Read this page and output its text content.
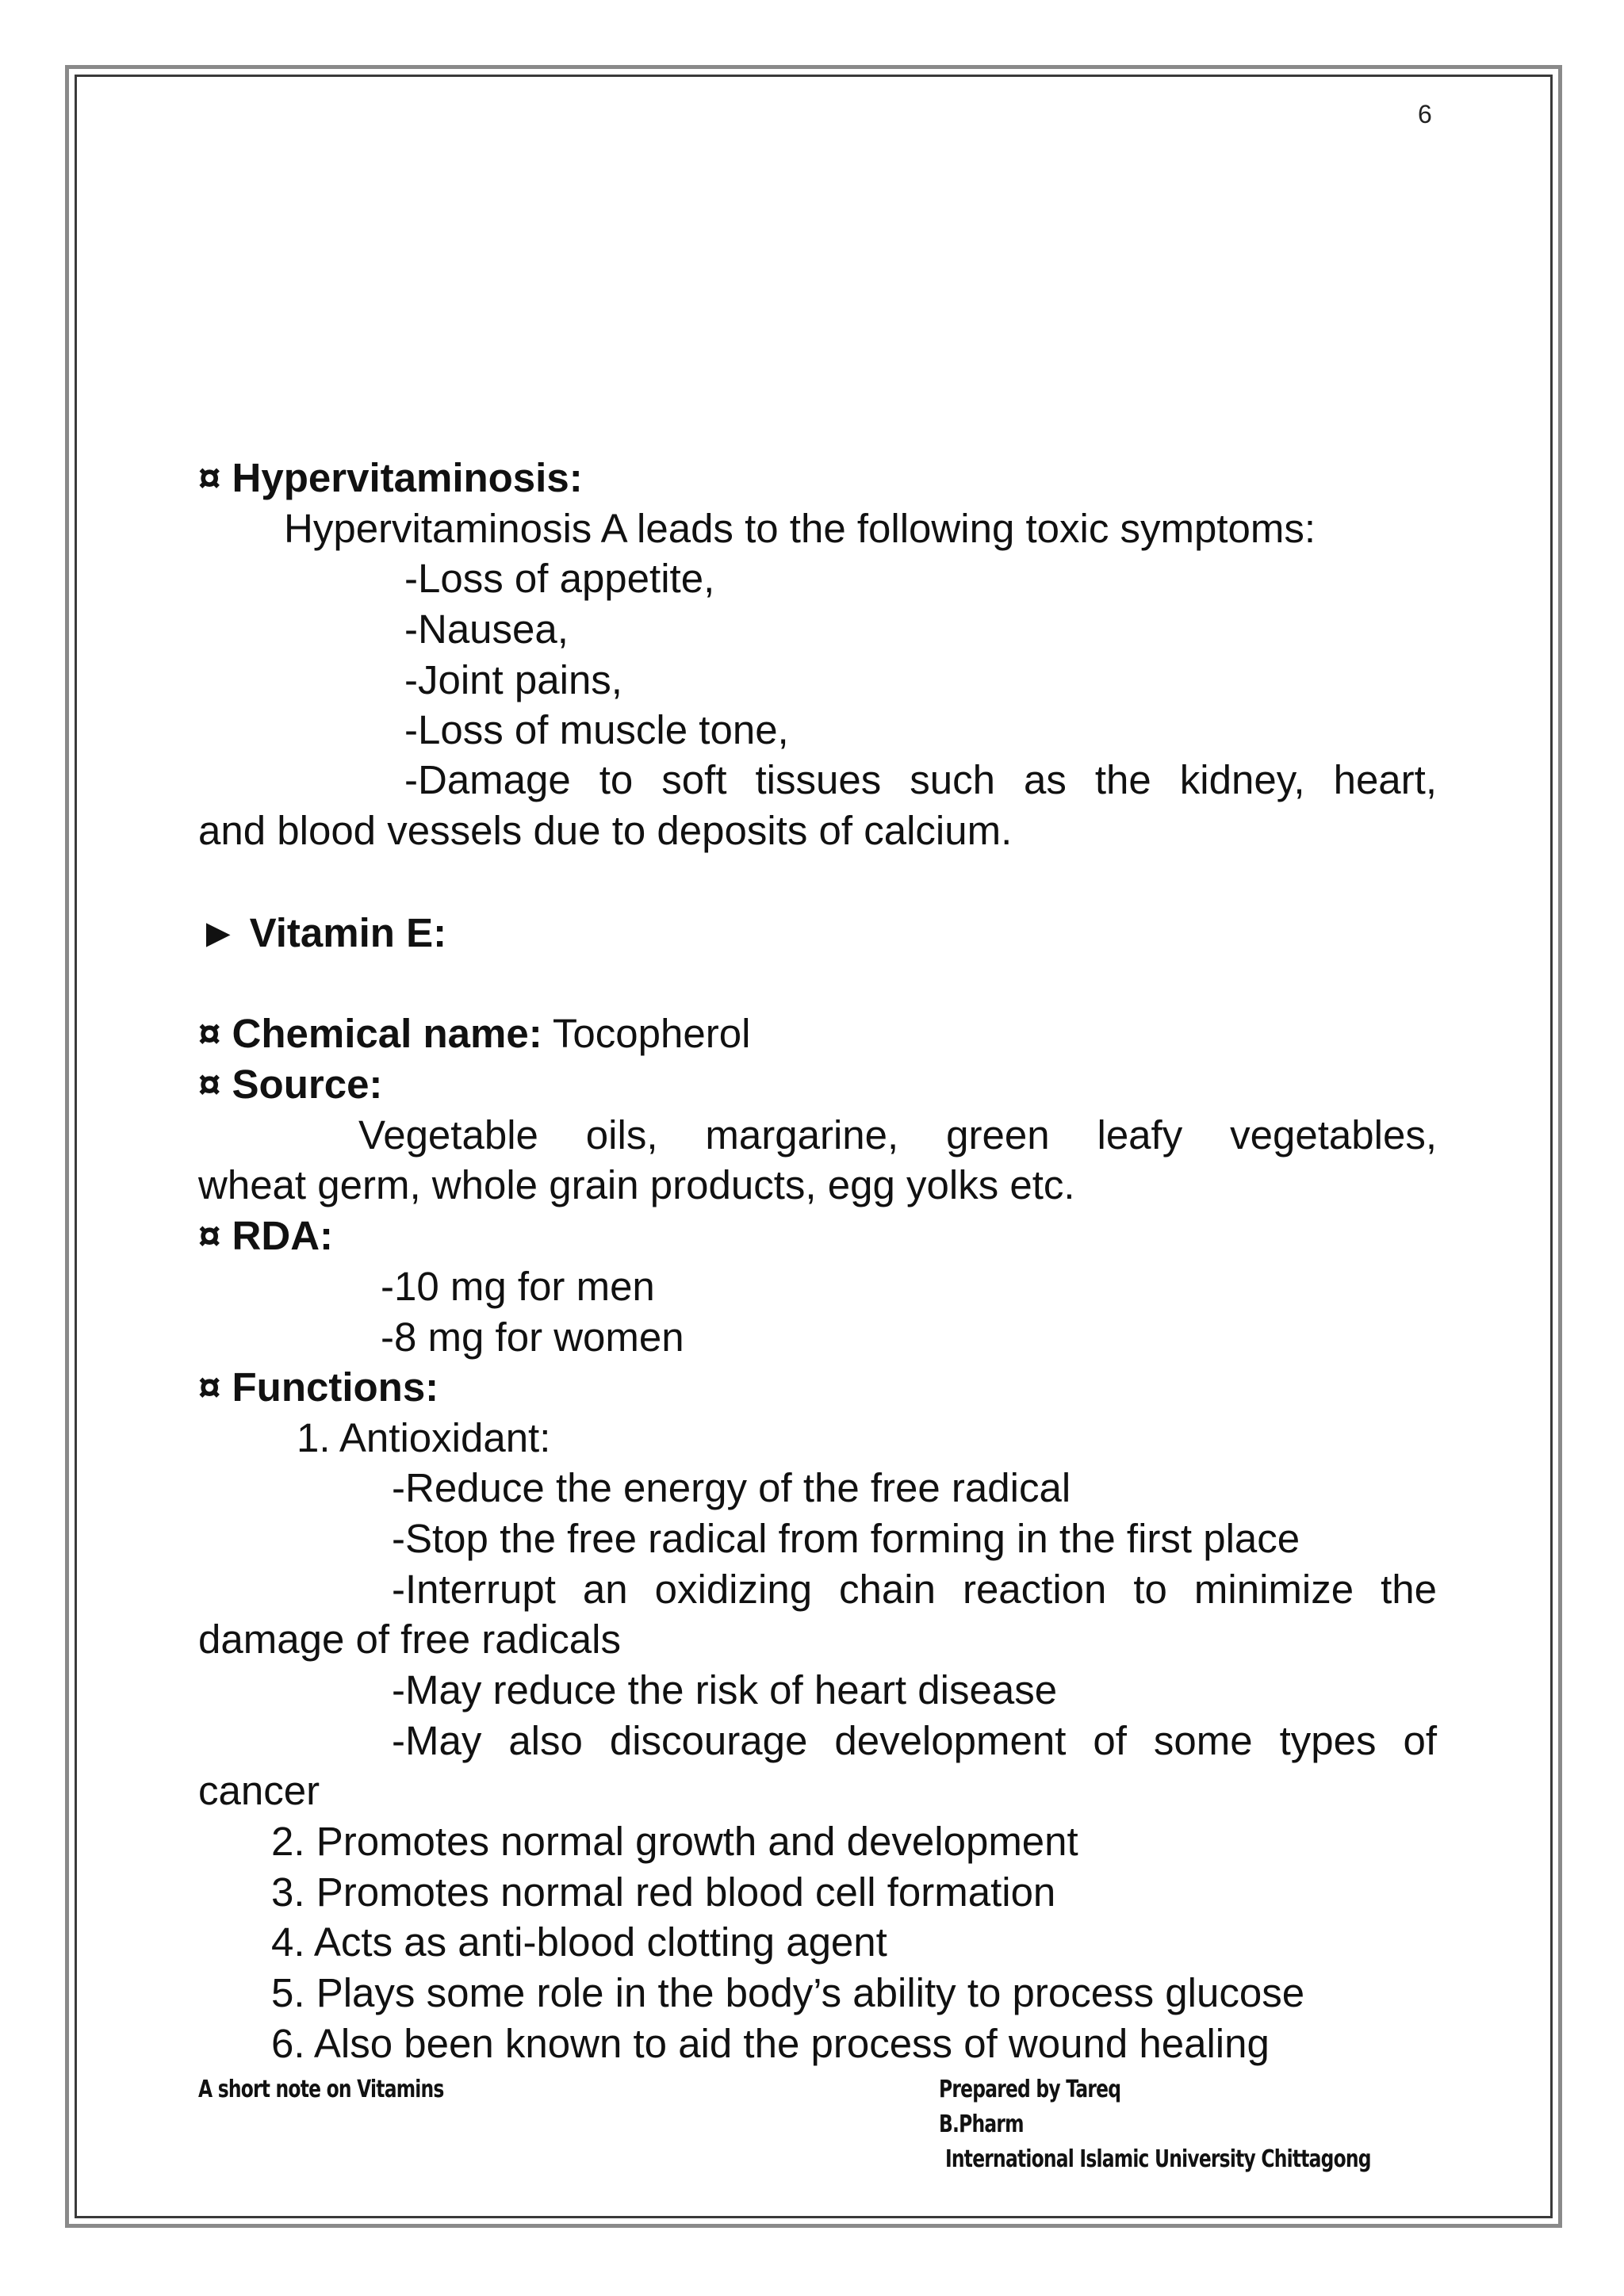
6
¤ Hypervitaminosis:
Hypervitaminosis A leads to the following toxic symptoms:
-Loss of appetite,
-Nausea,
-Joint pains,
-Loss of muscle tone,
-Damage to soft tissues such as the kidney, heart,
and blood vessels due to deposits of calcium.
► Vitamin E:
¤ Chemical name: Tocopherol
¤ Source:
Vegetable oils, margarine, green leafy vegetables,
wheat germ, whole grain products, egg yolks etc.
¤ RDA:
-10 mg for men
-8 mg for women
¤ Functions:
1. Antioxidant:
-Reduce the energy of the free radical
-Stop the free radical from forming in the first place
-Interrupt an oxidizing chain reaction to minimize the
damage of free radicals
-May reduce the risk of heart disease
-May also discourage development of some types of
cancer
2. Promotes normal growth and development
3. Promotes normal red blood cell formation
4. Acts as anti-blood clotting agent
5. Plays some role in the body’s ability to process glucose
6. Also been known to aid the process of wound healing
A short note on Vitamins	Prepared by Tareq
B.Pharm
International Islamic University Chittagong
